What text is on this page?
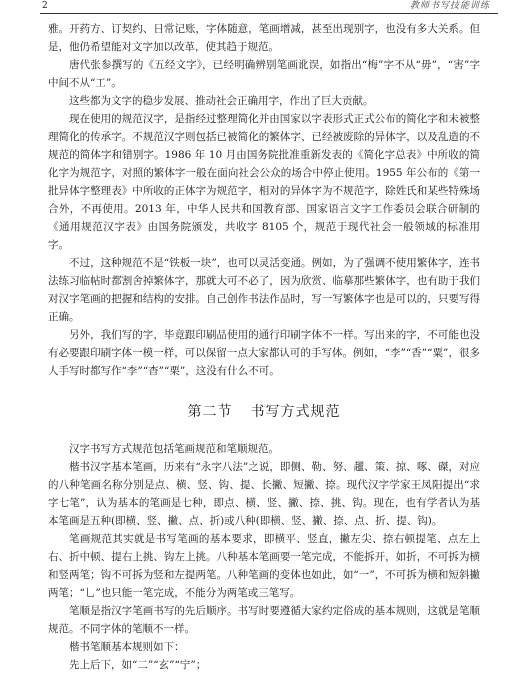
2	教师书写技能训练

雅。开药方、订契约、日常记账，字体随意，笔画增减，甚至出现别字，也没有多大关系。但是，他仍希望能对文字加以改革，使其趋于规范。

唐代张参撰写的《五经文字》，已经明确辨别笔画讹误，如指出“梅”字不从“毋”，“害”字中间不从“工”。

这些都为文字的稳步发展、推动社会正确用字，作出了巨大贡献。

现在使用的规范汉字，是指经过整理简化并由国家以字表形式正式公布的简化字和未被整理简化的传承字。不规范汉字则包括已被简化的繁体字、已经被废除的异体字，以及乱造的不规范的简体字和错别字。1986 年 10 月由国务院批准重新发表的《简化字总表》中所收的简化字为规范字，对照的繁体字一般在面向社会公众的场合中停止使用。1955 年公布的《第一批异体字整理表》中所收的正体字为规范字，相对的异体字为不规范字，除姓氏和某些特殊场合外，不再使用。2013 年，中华人民共和国教育部、国家语言文字工作委员会联合研制的《通用规范汉字表》由国务院颁发，共收字 8105 个，规范于现代社会一般领域的标准用字。

不过，这种规范不是“铁板一块”，也可以灵活变通。例如，为了强调不使用繁体字，连书法练习临帖时都割舍掉繁体字，那就大可不必了，因为欣赏、临摹那些繁体字，也有助于我们对汉字笔画的把握和结构的安排。自己创作书法作品时，写一写繁体字也是可以的，只要写得正确。

另外，我们写的字，毕竟跟印刷品使用的通行印刷字体不一样。写出来的字，不可能也没有必要跟印刷字体一模一样，可以保留一点大家都认可的手写体。例如，“李”“香”“粟”，很多人手写时都写作“李”“杳”“栗”，这没有什么不可。

第二节 书写方式规范

汉字书写方式规范包括笔画规范和笔顺规范。

楷书汉字基本笔画，历来有“永字八法”之说，即侧、勒、努、趯、策、掠、啄、磔，对应的八种笔画名称分别是点、横、竖、钩、提、长撇、短撇、捺。现代汉字学家王凤阳提出“求字七笔”，认为基本的笔画是七种，即点、横、竖、撇、捺、挑、钩。现在，也有学者认为基本笔画是五种(即横、竖、撇、点、折)或八种(即横、竖、撇、捺、点、折、提、钩)。

笔画规范其实就是书写笔画的基本要求，即横平、竖直，撇左尖、捺右顿提笔、点左上右、折中顿、提右上挑、钩左上挑。八种基本笔画要一笔完成，不能拆开，如折，不可拆为横和竖两笔；钩不可拆为竖和左提两笔。八种笔画的变体也如此，如“一”，不可拆为横和短斜撇两笔；“乚”也只能一笔完成，不能分为两笔或三笔写。

笔顺是指汉字笔画书写的先后顺序。书写时要遵循大家约定俗成的基本规则，这就是笔顺规范。不同字体的笔顺不一样。

楷书笔顺基本规则如下：

先上后下，如“二”“玄”“宁”；
